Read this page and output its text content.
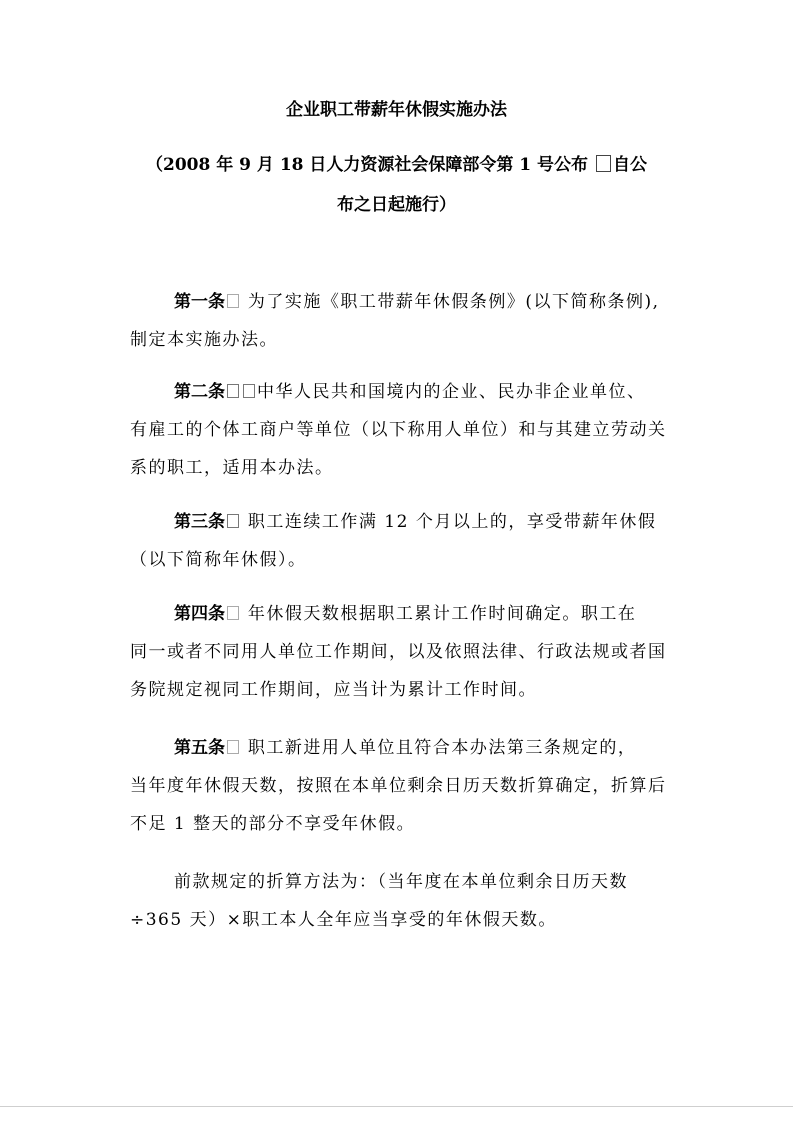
企业职工带薪年休假实施办法
（2008 年 9 月 18 日人力资源社会保障部令第 1 号公布 自公
布之日起施行）
第一条 为了实施《职工带薪年休假条例》(以下简称条例),
制定本实施办法。
第二条 中华人民共和国境内的企业、民办非企业单位、
有雇工的个体工商户等单位（以下称用人单位）和与其建立劳动关系的职工，适用本办法。
第三条 职工连续工作满 12 个月以上的，享受带薪年休假
（以下简称年休假）。
第四条 年休假天数根据职工累计工作时间确定。职工在
同一或者不同用人单位工作期间，以及依照法律、行政法规或者国务院规定视同工作期间，应当计为累计工作时间。
第五条 职工新进用人单位且符合本办法第三条规定的，
当年度年休假天数，按照在本单位剩余日历天数折算确定，折算后不足 1 整天的部分不享受年休假。
前款规定的折算方法为：（当年度在本单位剩余日历天数÷365 天）×职工本人全年应当享受的年休假天数。
